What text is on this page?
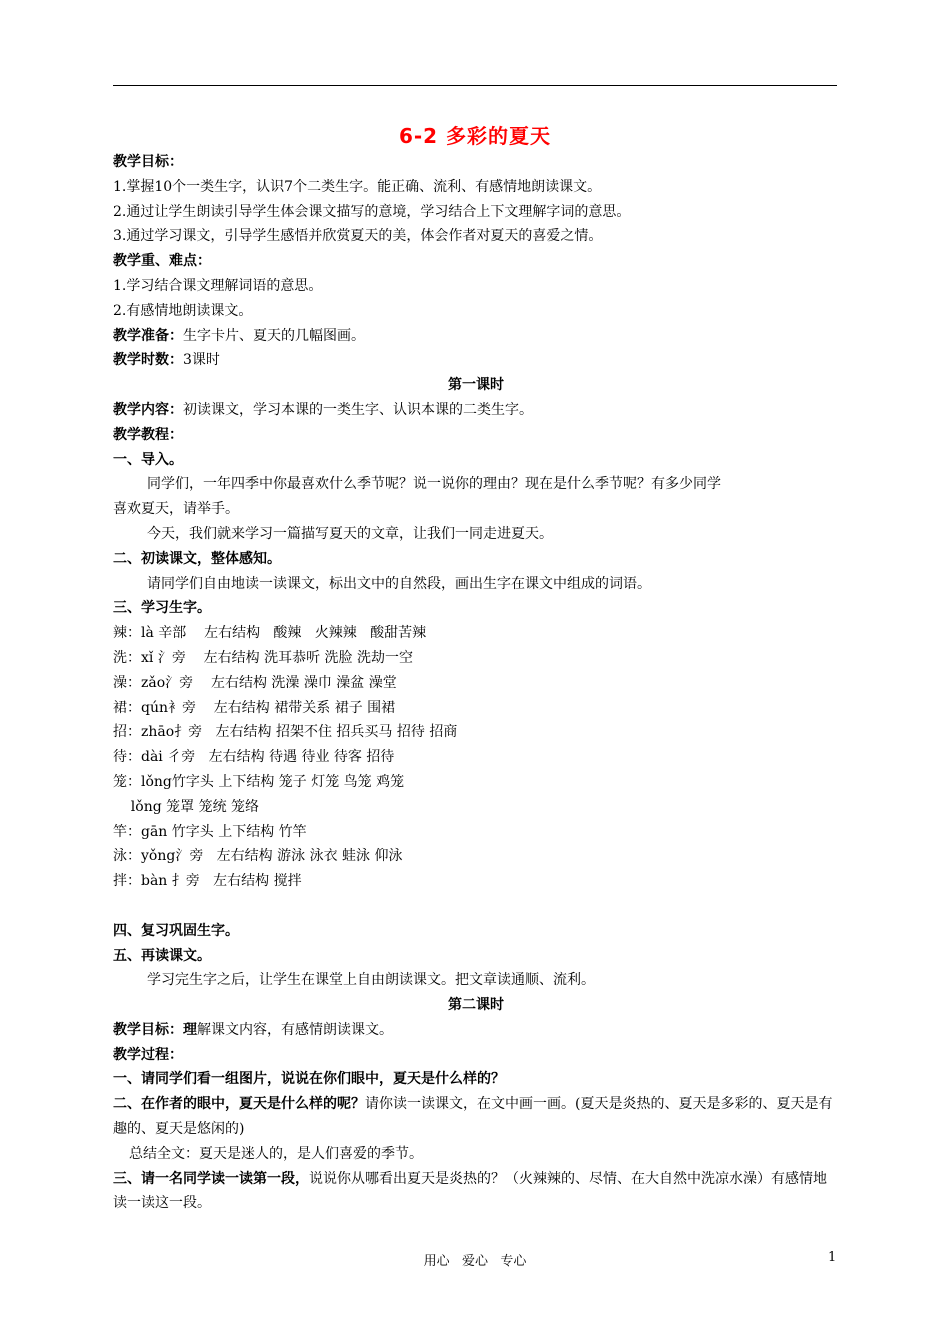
6-2 多彩的夏天
教学目标：
1.掌握10个一类生字，认识7个二类生字。能正确、流利、有感情地朗读课文。
2.通过让学生朗读引导学生体会课文描写的意境，学习结合上下文理解字词的意思。
3.通过学习课文，引导学生感悟并欣赏夏天的美，体会作者对夏天的喜爱之情。
教学重、难点：
1.学习结合课文理解词语的意思。
2.有感情地朗读课文。
教学准备：生字卡片、夏天的几幅图画。
教学时数：3课时
第一课时
教学内容：初读课文，学习本课的一类生字、认识本课的二类生字。
教学教程：
一、导入。
同学们，一年四季中你最喜欢什么季节呢？说一说你的理由？现在是什么季节呢？有多少同学
喜欢夏天，请举手。
今天，我们就来学习一篇描写夏天的文章，让我们一同走进夏天。
二、初读课文，整体感知。
请同学们自由地读一读课文，标出文中的自然段，画出生字在课文中组成的词语。
三、学习生字。
辣：là 辛部    左右结构   酸辣   火辣辣   酸甜苦辣
洗：xǐ 氵旁    左右结构 洗耳恭听 洗脸 洗劫一空
澡：zǎo氵旁    左右结构 洗澡 澡巾 澡盆 澡堂
裙：qún衤旁    左右结构 裙带关系 裙子 围裙
招：zhāo扌旁   左右结构 招架不住 招兵买马 招待 招商
待：dài 彳旁   左右结构 待遇 待业 待客 招待
笼：lǒng竹字头 上下结构 笼子 灯笼 鸟笼 鸡笼
lǒng 笼罩 笼统 笼络
竿：gān 竹字头 上下结构 竹竿
泳：yǒng氵旁   左右结构 游泳 泳衣 蛙泳 仰泳
拌：bàn 扌旁   左右结构 搅拌
四、复习巩固生字。
五、再读课文。
学习完生字之后，让学生在课堂上自由朗读课文。把文章读通顺、流利。
第二课时
教学目标：理解课文内容，有感情朗读课文。
教学过程：
一、请同学们看一组图片，说说在你们眼中，夏天是什么样的？
二、在作者的眼中，夏天是什么样的呢？请你读一读课文，在文中画一画。(夏天是炎热的、夏天是多彩的、夏天是有趣的、夏天是悠闲的)
总结全文：夏天是迷人的，是人们喜爱的季节。
三、请一名同学读一读第一段，说说你从哪看出夏天是炎热的？（火辣辣的、尽情、在大自然中洗凉水澡）有感情地读一读这一段。
用心   爱心   专心	1
